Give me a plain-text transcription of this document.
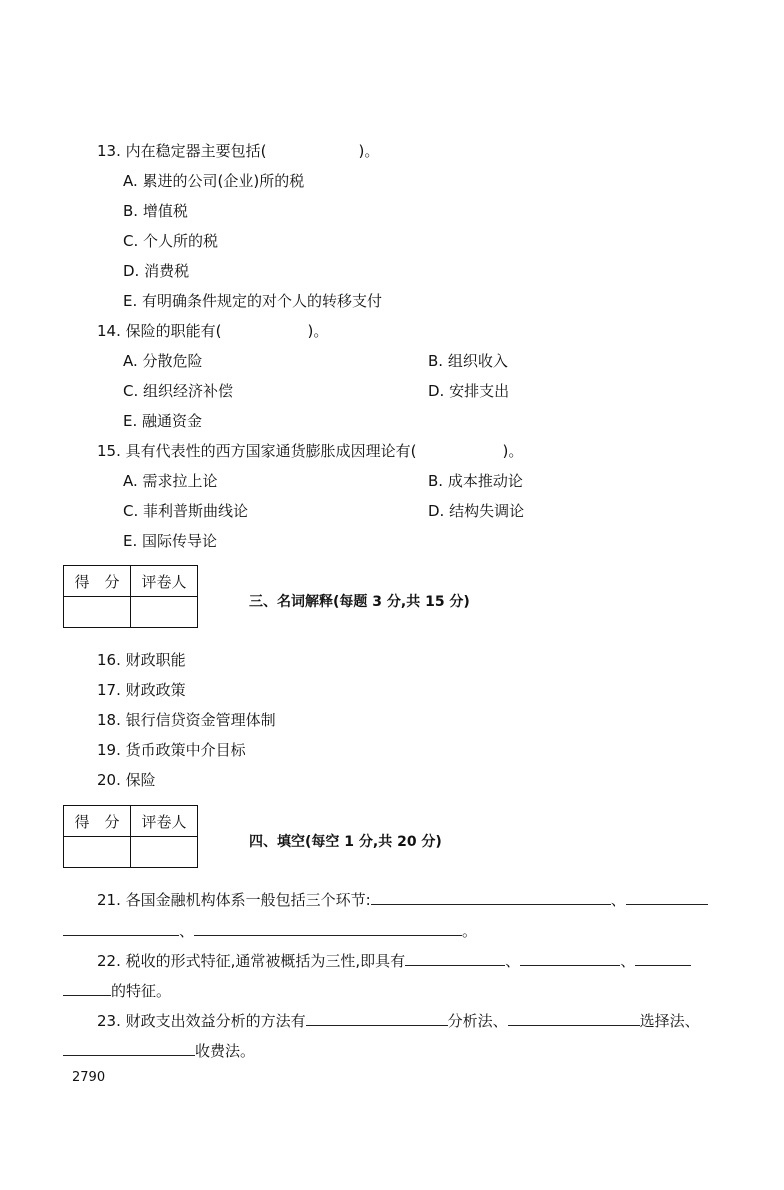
13. 内在稳定器主要包括(	)。
A. 累进的公司(企业)所的税
B. 增值税
C. 个人所的税
D. 消费税
E. 有明确条件规定的对个人的转移支付
14. 保险的职能有(	)。
A. 分散危险	B. 组织收入
C. 组织经济补偿	D. 安排支出
E. 融通资金
15. 具有代表性的西方国家通货膨胀成因理论有(	)。
A. 需求拉上论	B. 成本推动论
C. 菲利普斯曲线论	D. 结构失调论
E. 国际传导论
得　分	评卷人

三、名词解释(每题 3 分,共 15 分)
16. 财政职能
17. 财政政策
18. 银行信贷资金管理体制
19. 货币政策中介目标
20. 保险
得　分	评卷人

四、填空(每空 1 分,共 20 分)
21. 各国金融机构体系一般包括三个环节:	、
、	。
22. 税收的形式特征,通常被概括为三性,即具有	、	、
的特征。
23. 财政支出效益分析的方法有	分析法、	选择法、
收费法。
2790
